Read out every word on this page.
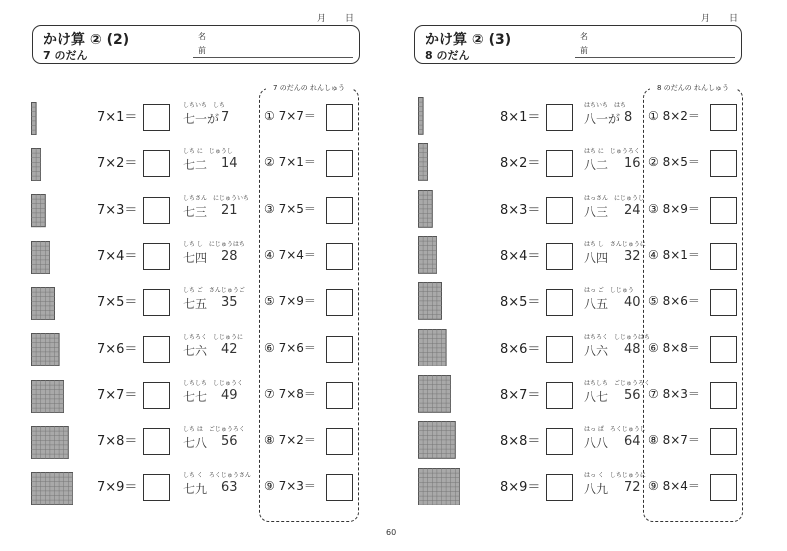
月 日
かけ算 ② (2)
7 のだん
名
前
7×1＝
しちいち　しち
七一が 7
7×2＝
しち に　じゅうし
七二 14
7×3＝
しちさん　にじゅういち
七三 21
7×4＝
しち し　にじゅうはち
七四 28
7×5＝
しち ご　さんじゅうご
七五 35
7×6＝
しちろく　しじゅうに
七六 42
7×7＝
しちしち　しじゅうく
七七 49
7×8＝
しち は　ごじゅうろく
七八 56
7×9＝
しち く　ろくじゅうさん
七九 63
7 のだんの れんしゅう
① 7×7＝
② 7×1＝
③ 7×5＝
④ 7×4＝
⑤ 7×9＝
⑥ 7×6＝
⑦ 7×8＝
⑧ 7×2＝
⑨ 7×3＝
月 日
かけ算 ② (3)
8 のだん
名
前
8×1＝
はちいち　はち
八一が 8
8×2＝
はち に　じゅうろく
八二 16
8×3＝
はっさん　にじゅうし
八三 24
8×4＝
はち し　さんじゅうに
八四 32
8×5＝
はっ ご　しじゅう
八五 40
8×6＝
はちろく　しじゅうはち
八六 48
8×7＝
はちしち　ごじゅうろく
八七 56
8×8＝
はっ ぱ　ろくじゅうし
八八 64
8×9＝
はっ く　しちじゅうに
八九 72
8 のだんの れんしゅう
① 8×2＝
② 8×5＝
③ 8×9＝
④ 8×1＝
⑤ 8×6＝
⑥ 8×8＝
⑦ 8×3＝
⑧ 8×7＝
⑨ 8×4＝
60
